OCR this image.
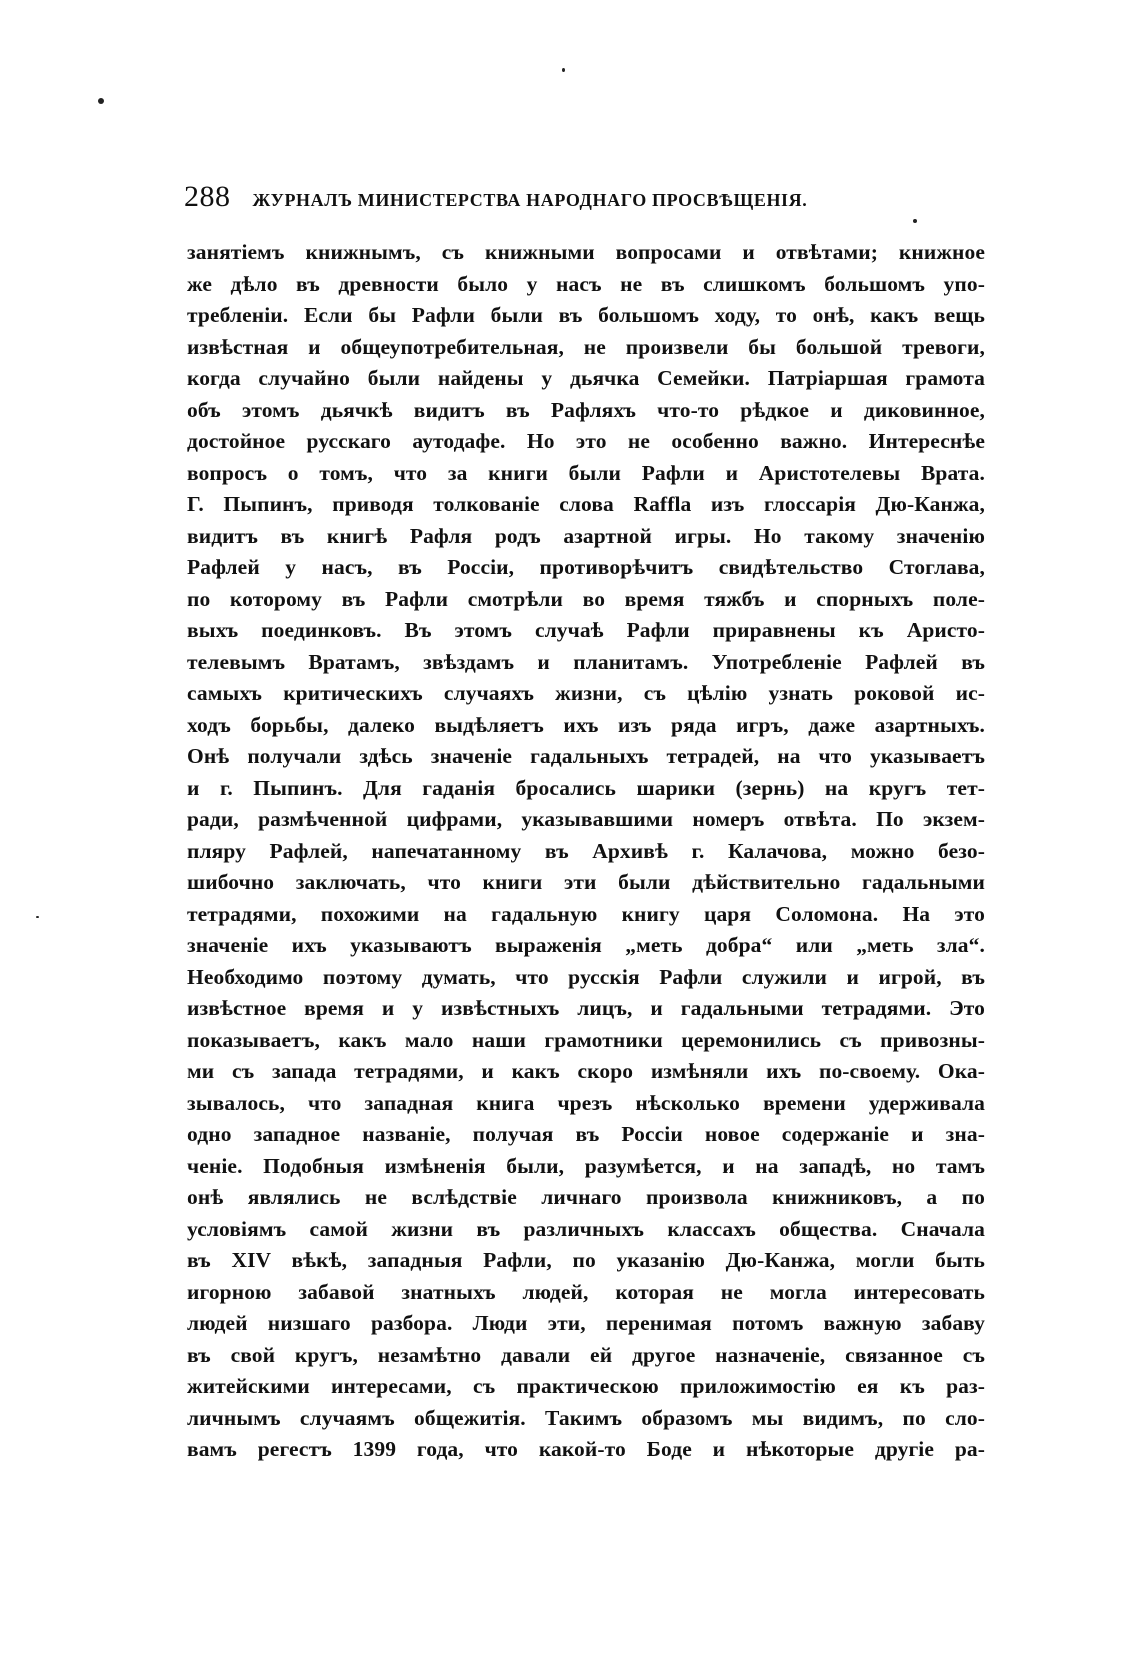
288 ЖУРНАЛЪ МИНИСТЕРСТВА НАРОДНАГО ПРОСВѢЩЕНІЯ.
занятіемъ книжнымъ, съ книжными вопросами и отвѣтами; книжное
же дѣло въ древности было у насъ не въ слишкомъ большомъ упо-
требленіи. Если бы Рафли были въ большомъ ходу, то онѣ, какъ вещь
извѣстная и общеупотребительная, не произвели бы большой тревоги,
когда случайно были найдены у дьячка Семейки. Патріаршая грамота
объ этомъ дьячкѣ видитъ въ Рафляхъ что-то рѣдкое и диковинное,
достойное русскаго аутодафе. Но это не особенно важно. Интереснѣе
вопросъ о томъ, что за книги были Рафли и Аристотелевы Врата.
Г. Пыпинъ, приводя толкованіе слова Raffla изъ глоссарія Дю-Канжа,
видитъ въ книгѣ Рафля родъ азартной игры. Но такому значенію
Рафлей у насъ, въ Россіи, противорѣчитъ свидѣтельство Стоглава,
по которому въ Рафли смотрѣли во время тяжбъ и спорныхъ поле-
выхъ поединковъ. Въ этомъ случаѣ Рафли приравнены къ Аристо-
телевымъ Вратамъ, звѣздамъ и планитамъ. Употребленіе Рафлей въ
самыхъ критическихъ случаяхъ жизни, съ цѣлію узнать роковой ис-
ходъ борьбы, далеко выдѣляетъ ихъ изъ ряда игръ, даже азартныхъ.
Онѣ получали здѣсь значеніе гадальныхъ тетрадей, на что указываетъ
и г. Пыпинъ. Для гаданія бросались шарики (зернь) на кругъ тет-
ради, размѣченной цифрами, указывавшими номеръ отвѣта. По экзем-
пляру Рафлей, напечатанному въ Архивѣ г. Калачова, можно безо-
шибочно заключать, что книги эти были дѣйствительно гадальными
тетрадями, похожими на гадальную книгу царя Соломона. На это
значеніе ихъ указываютъ выраженія „меть добра“ или „меть зла“.
Необходимо поэтому думать, что русскія Рафли служили и игрой, въ
извѣстное время и у извѣстныхъ лицъ, и гадальными тетрадями. Это
показываетъ, какъ мало наши грамотники церемонились съ привозны-
ми съ запада тетрадями, и какъ скоро измѣняли ихъ по-своему. Ока-
зывалось, что западная книга чрезъ нѣсколько времени удерживала
одно западное названіе, получая въ Россіи новое содержаніе и зна-
ченіе. Подобныя измѣненія были, разумѣется, и на западѣ, но тамъ
онѣ являлись не вслѣдствіе личнаго произвола книжниковъ, а по
условіямъ самой жизни въ различныхъ классахъ общества. Сначала
въ XIV вѣкѣ, западныя Рафли, по указанію Дю-Канжа, могли быть
игорною забавой знатныхъ людей, которая не могла интересовать
людей низшаго разбора. Люди эти, перенимая потомъ важную забаву
въ свой кругъ, незамѣтно давали ей другое назначеніе, связанное съ
житейскими интересами, съ практическою приложимостію ея къ раз-
личнымъ случаямъ общежитія. Такимъ образомъ мы видимъ, по сло-
вамъ регестъ 1399 года, что какой-то Боде и нѣкоторые другіе ра-
